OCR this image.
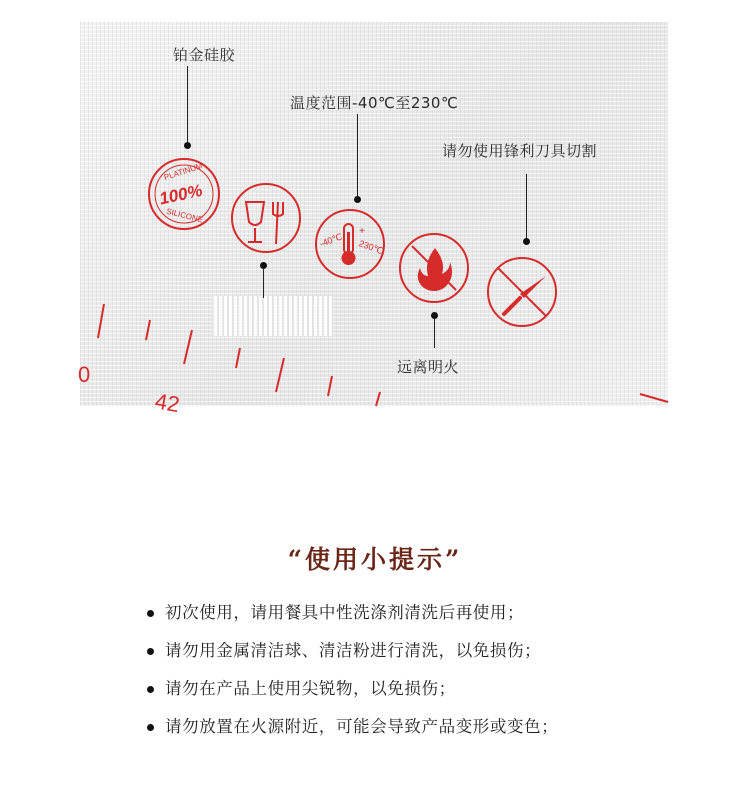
0
42
PLATINUM
100%
SILICONE
-40℃
+
230℃
铂金硅胶
温度范围-40℃至230℃
请勿使用锋利刀具切割
远离明火
“使用小提示”
初次使用，请用餐具中性洗涤剂清洗后再使用；
请勿用金属清洁球、清洁粉进行清洗，以免损伤；
请勿在产品上使用尖锐物，以免损伤；
请勿放置在火源附近，可能会导致产品变形或变色；
